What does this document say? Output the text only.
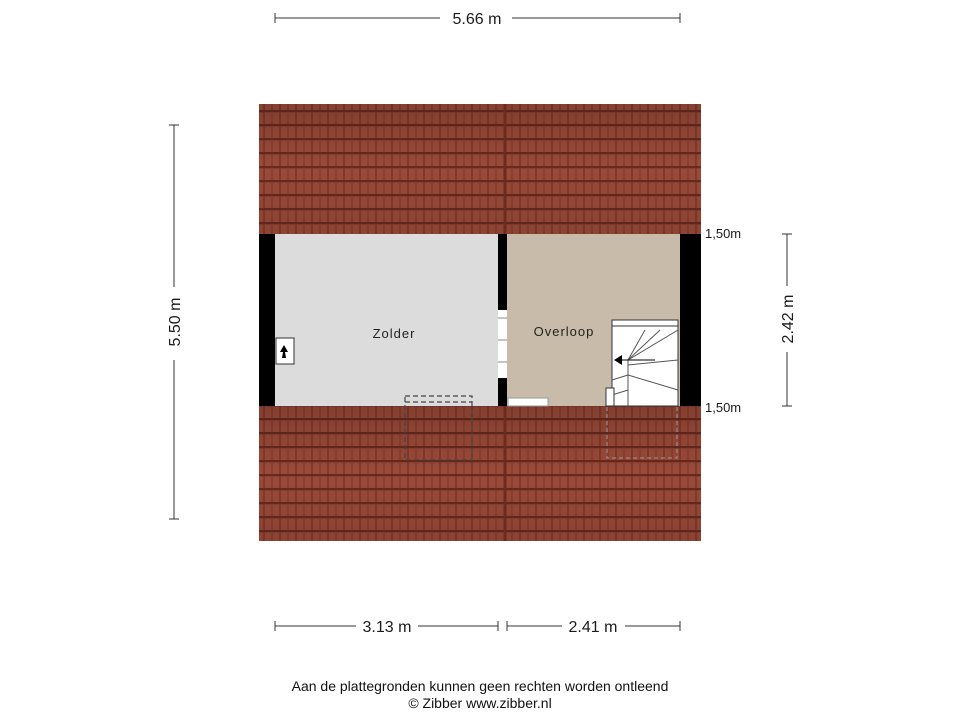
Zolder	Overloop
5.66 m
5.50 m	2.42 m
1,50m
1,50m
3.13 m	2.41 m
Aan de plattegronden kunnen geen rechten worden ontleend
© Zibber www.zibber.nl
